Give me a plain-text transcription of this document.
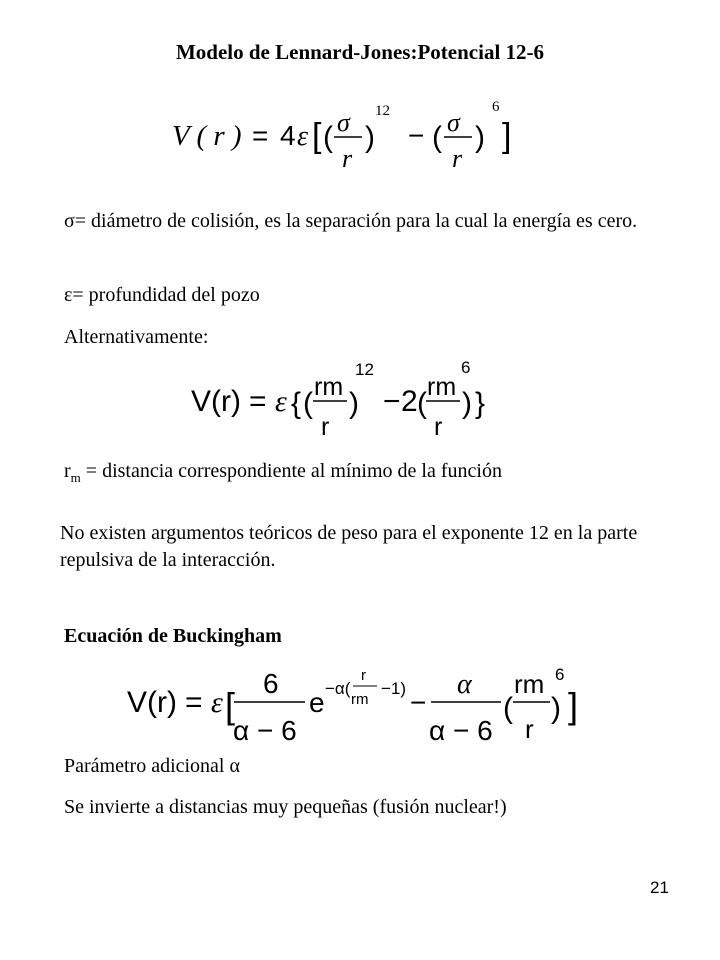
Modelo de Lennard-Jones:Potencial 12-6
V ( r ) = 4 ε [ ( σ
r
)
12
− ( σ
r
)
6
]
σ= diámetro de colisión, es la separación para la cual la energía es cero.
ε= profundidad del pozo
Alternativamente:
V(r) = ε { ( rm
r
)
12
− 2 ( rm
r
)
6
}
$r_m$ = distancia correspondiente al mínimo de la función
No existen argumentos teóricos de peso para el exponente 12 en la parte repulsiva de la interacción.
Ecuación de Buckingham
V(r) = ε [
6
α − 6
e −α(
r
rm
−1) −
α
α − 6
(
rm
r
)
6
]
Parámetro adicional α
Se invierte a distancias muy pequeñas (fusión nuclear!)
21
